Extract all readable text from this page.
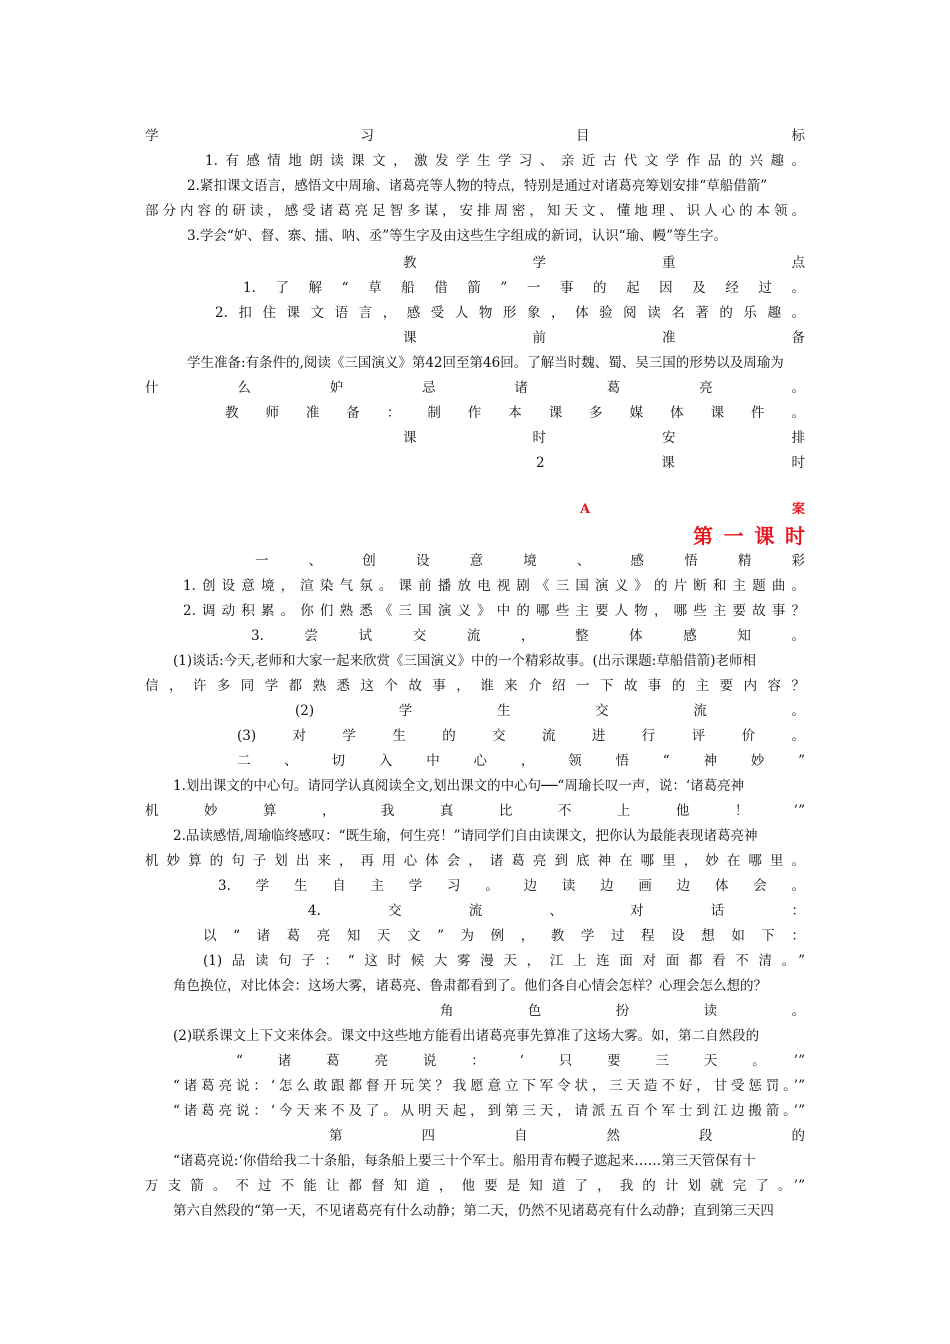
学习目标
1.有感情地朗读课文，激发学生学习、亲近古代文学作品的兴趣。
2.紧扣课文语言，感悟文中周瑜、诸葛亮等人物的特点，特别是通过对诸葛亮筹划安排“草船借箭”
部分内容的研读，感受诸葛亮足智多谋，安排周密，知天文、懂地理、识人心的本领。
3.学会“妒、督、寨、擂、呐、丞”等生字及由这些生字组成的新词，认识“瑜、幔”等生字。
教学重点
1.了解“草船借箭”一事的起因及经过。
2.扣住课文语言，感受人物形象，体验阅读名著的乐趣。
课前准备
学生准备:有条件的,阅读《三国演义》第42回至第46回。了解当时魏、蜀、吴三国的形势以及周瑜为
什么妒忌诸葛亮。
教师准备：制作本课多媒体课件。
课时安排
2课时
A案
第一课时
一、创设意境、感悟精彩
1.创设意境，渲染气氛。课前播放电视剧《三国演义》的片断和主题曲。
2.调动积累。你们熟悉《三国演义》中的哪些主要人物，哪些主要故事？
3.尝试交流，整体感知。
(1)谈话:今天,老师和大家一起来欣赏《三国演义》中的一个精彩故事。(出示课题:草船借箭)老师相
信，许多同学都熟悉这个故事，谁来介绍一下故事的主要内容？
(2)学生交流。
(3)对学生的交流进行评价。
二、切入中心，领悟“神妙”
1.划出课文的中心句。请同学认真阅读全文,划出课文的中心句──“周瑜长叹一声，说：‘诸葛亮神
机妙算，我真比不上他！’”
2.品读感悟,周瑜临终感叹：“既生瑜，何生亮！”请同学们自由读课文，把你认为最能表现诸葛亮神
机妙算的句子划出来，再用心体会，诸葛亮到底神在哪里，妙在哪里。
3.学生自主学习。边读边画边体会。
4.交流、对话：
以“诸葛亮知天文”为例，教学过程设想如下：
(1)品读句子：“这时候大雾漫天，江上连面对面都看不清。”
角色换位，对比体会：这场大雾，诸葛亮、鲁肃都看到了。他们各自心情会怎样？心理会怎么想的？
角色扮读。
(2)联系课文上下文来体会。课文中这些地方能看出诸葛亮事先算准了这场大雾。如，第二自然段的
“诸葛亮说：‘只要三天。’”
“诸葛亮说：‘怎么敢跟都督开玩笑？我愿意立下军令状，三天造不好，甘受惩罚。’”
“诸葛亮说：‘今天来不及了。从明天起，到第三天，请派五百个军士到江边搬箭。’”
第四自然段的
“诸葛亮说:‘你借给我二十条船，每条船上要三十个军士。船用青布幔子遮起来……第三天管保有十
万支箭。不过不能让都督知道，他要是知道了，我的计划就完了。’”
第六自然段的“第一天，不见诸葛亮有什么动静；第二天，仍然不见诸葛亮有什么动静；直到第三天四
